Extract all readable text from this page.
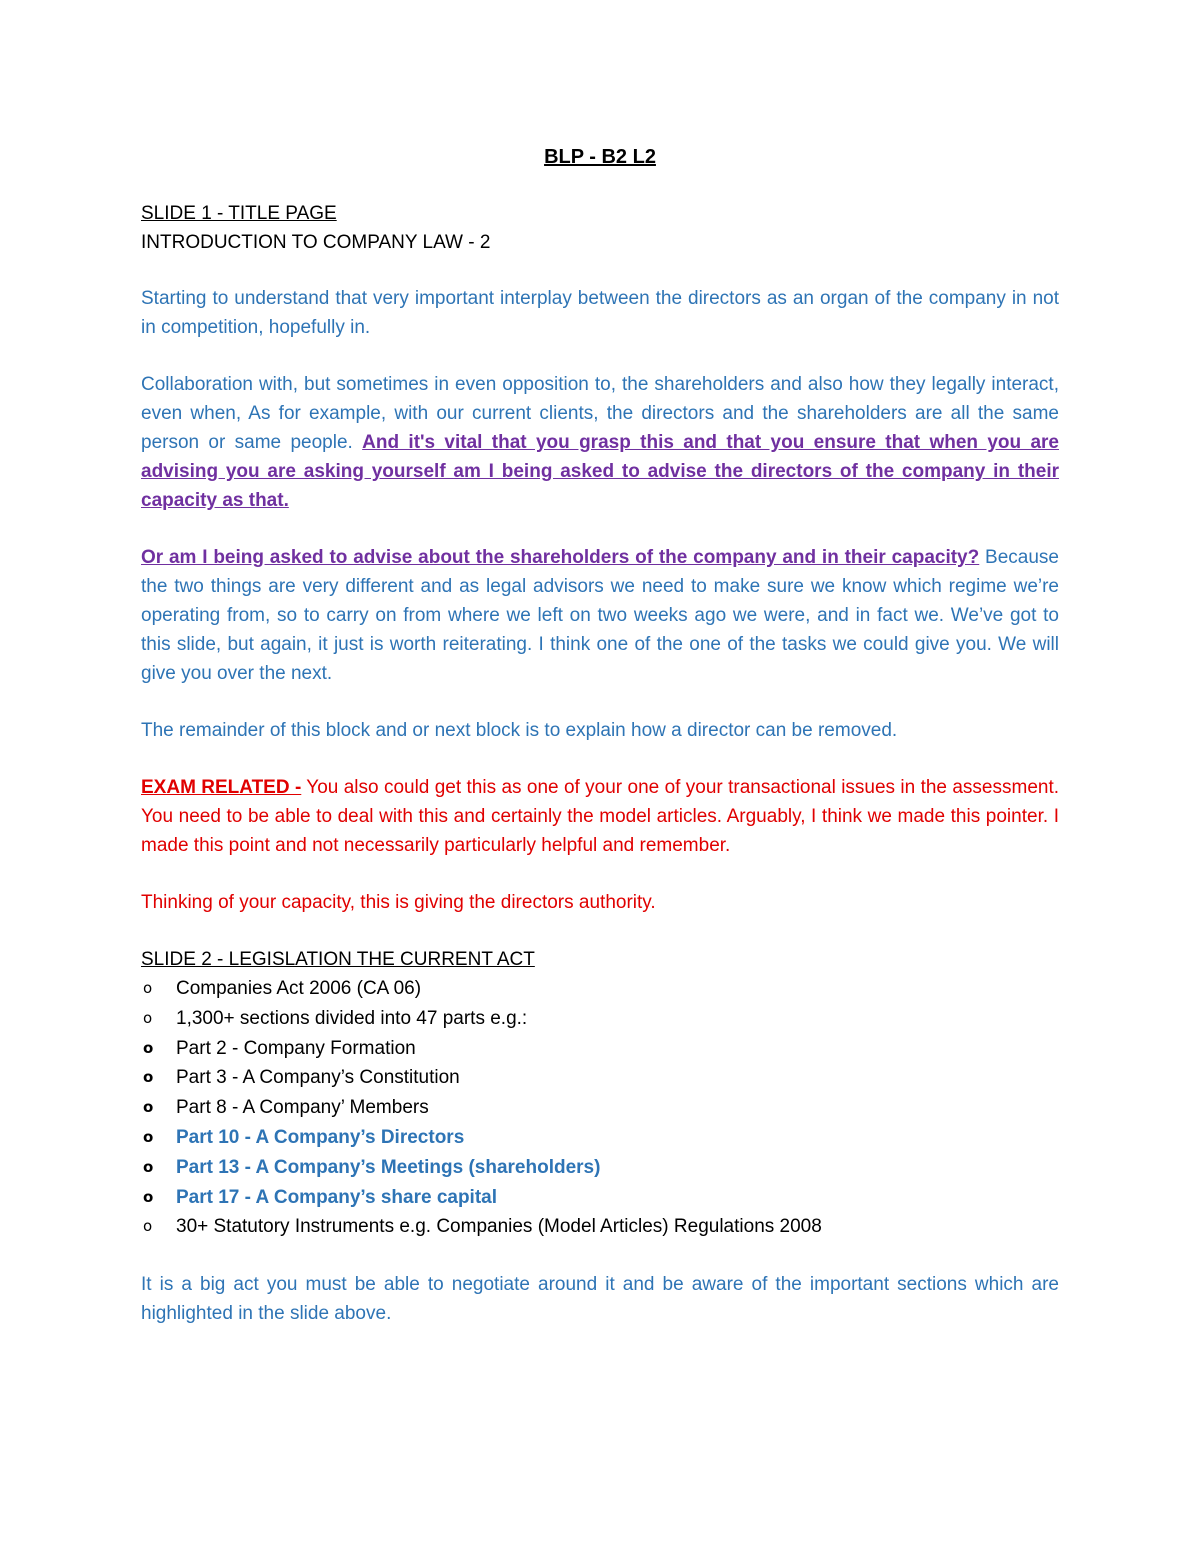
BLP - B2 L2
SLIDE 1 - TITLE PAGE
INTRODUCTION TO COMPANY LAW - 2

Starting to understand that very important interplay between the directors as an organ of the company in not in competition, hopefully in.

Collaboration with, but sometimes in even opposition to, the shareholders and also how they legally interact, even when, As for example, with our current clients, the directors and the shareholders are all the same person or same people. And it's vital that you grasp this and that you ensure that when you are advising you are asking yourself am I being asked to advise the directors of the company in their capacity as that.

Or am I being asked to advise about the shareholders of the company and in their capacity? Because the two things are very different and as legal advisors we need to make sure we know which regime we’re operating from, so to carry on from where we left on two weeks ago we were, and in fact we. We’ve got to this slide, but again, it just is worth reiterating. I think one of the one of the tasks we could give you. We will give you over the next.

The remainder of this block and or next block is to explain how a director can be removed.

EXAM RELATED - You also could get this as one of your one of your transactional issues in the assessment. You need to be able to deal with this and certainly the model articles. Arguably, I think we made this pointer. I made this point and not necessarily particularly helpful and remember.

Thinking of your capacity, this is giving the directors authority.

SLIDE 2 - LEGISLATION THE CURRENT ACT
o Companies Act 2006 (CA 06)
o 1,300+ sections divided into 47 parts e.g.:
o Part 2 - Company Formation
o Part 3 - A Company’s Constitution
o Part 8 - A Company’ Members
o Part 10 - A Company’s Directors
o Part 13 - A Company’s Meetings (shareholders)
o Part 17 - A Company’s share capital
o 30+ Statutory Instruments e.g. Companies (Model Articles) Regulations 2008

It is a big act you must be able to negotiate around it and be aware of the important sections which are highlighted in the slide above.
